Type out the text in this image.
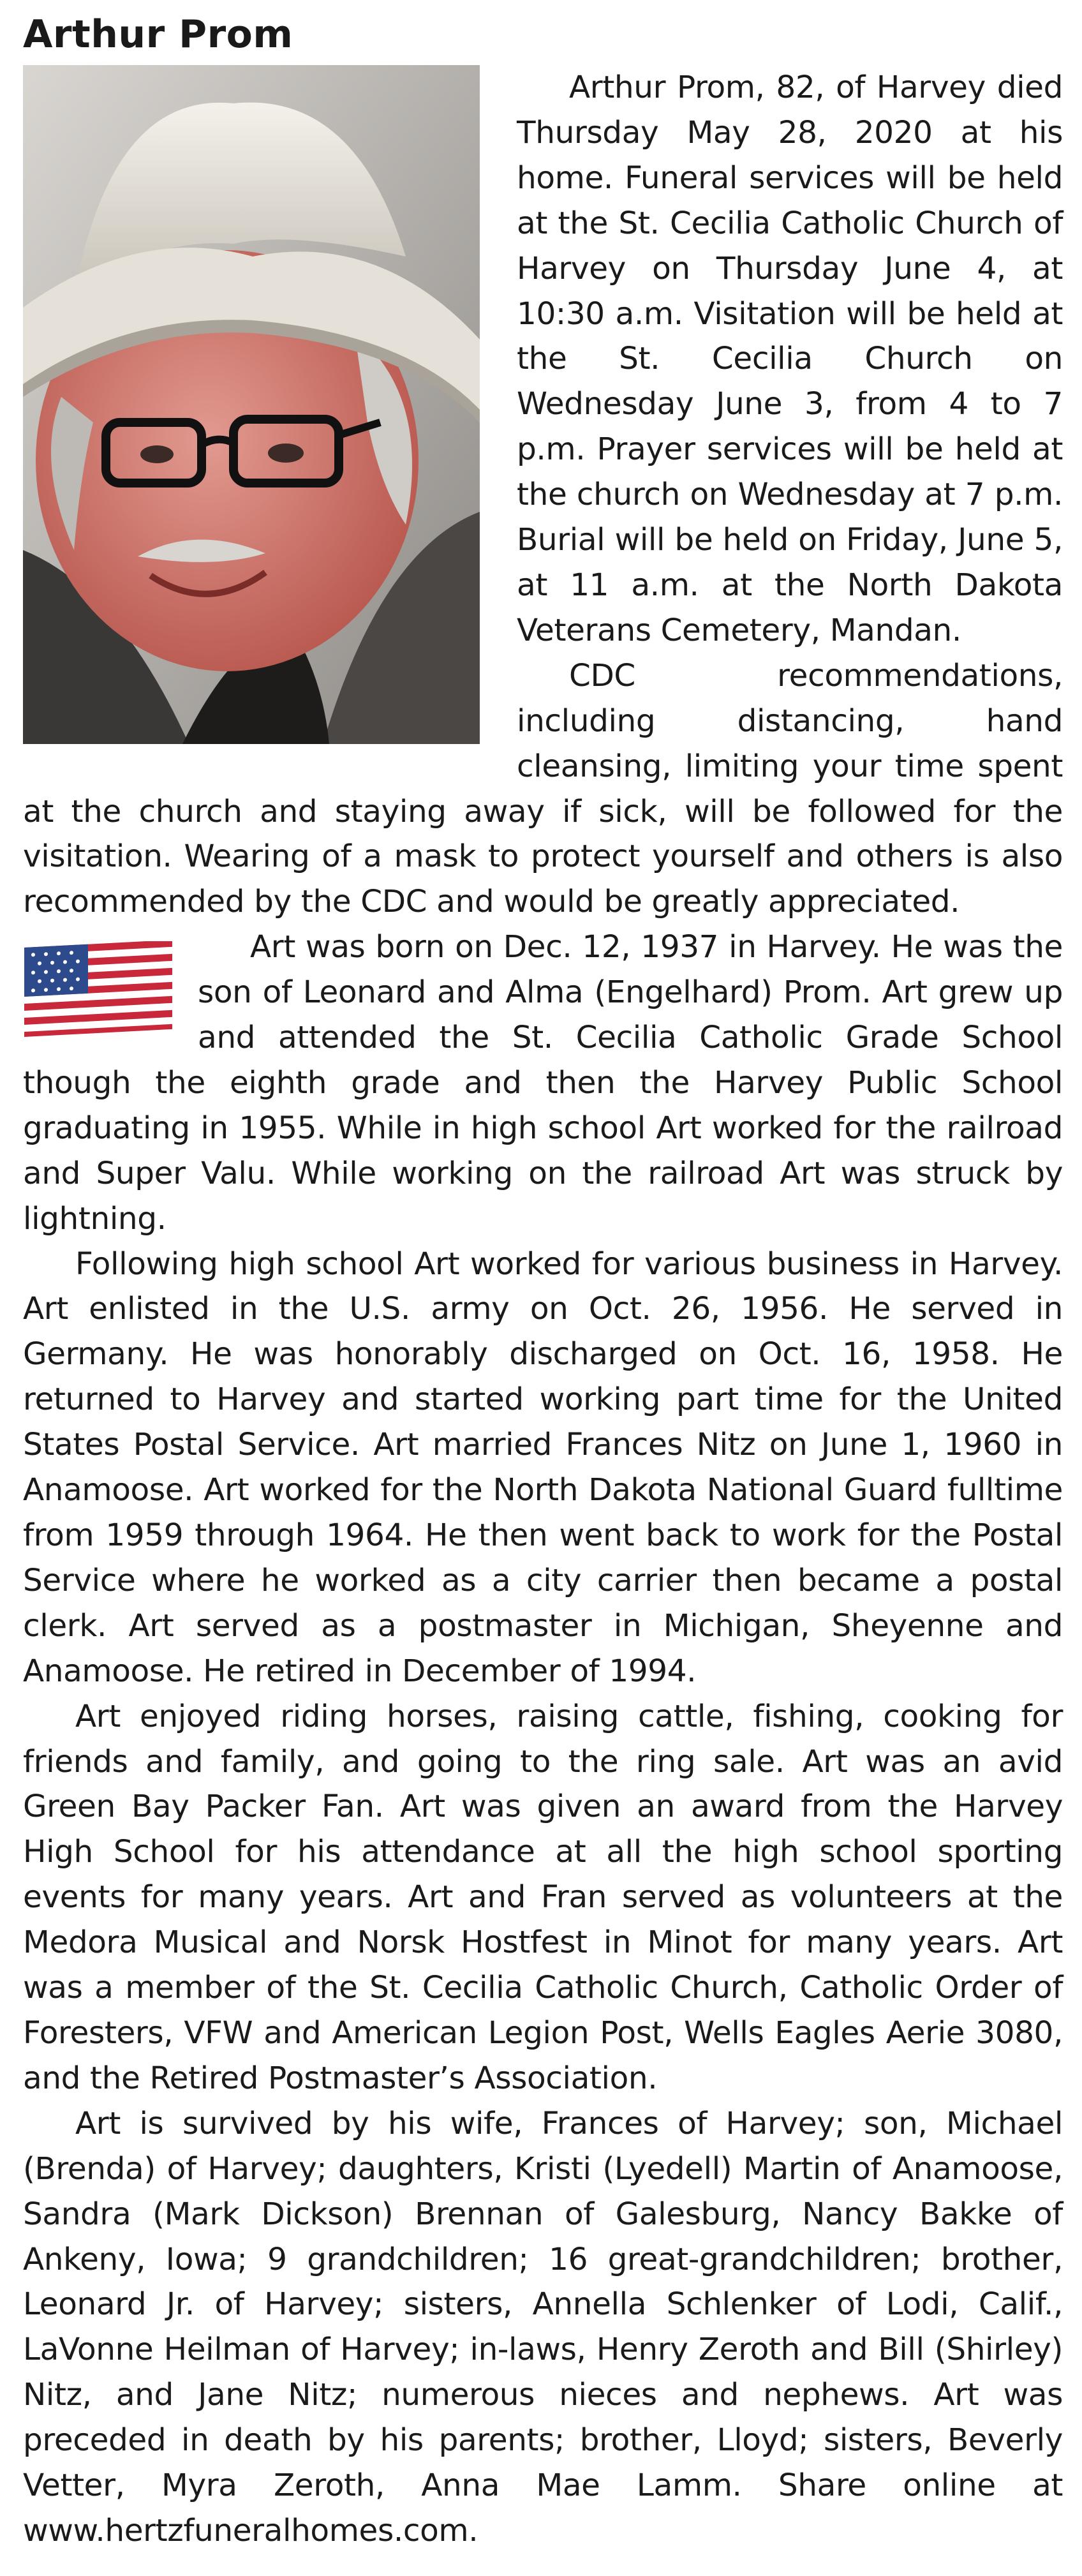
Arthur Prom

Arthur Prom, 82, of Harvey died Thursday May 28, 2020 at his home. Funeral services will be held at the St. Cecilia Catholic Church of Harvey on Thursday June 4, at 10:30 a.m. Visitation will be held at the St. Cecilia Church on Wednesday June 3, from 4 to 7 p.m. Prayer services will be held at the church on Wednesday at 7 p.m. Burial will be held on Friday, June 5, at 11 a.m. at the North Dakota Veterans Cemetery, Mandan.

CDC recommendations, including distancing, hand cleansing, limiting your time spent at the church and staying away if sick, will be followed for the visitation. Wearing of a mask to protect yourself and others is also recommended by the CDC and would be greatly appreciated.

Art was born on Dec. 12, 1937 in Harvey. He was the son of Leonard and Alma (Engelhard) Prom. Art grew up and attended the St. Cecilia Catholic Grade School though the eighth grade and then the Harvey Public School graduating in 1955. While in high school Art worked for the railroad and Super Valu. While working on the railroad Art was struck by lightning.

Following high school Art worked for various business in Harvey. Art enlisted in the U.S. army on Oct. 26, 1956. He served in Germany. He was honorably discharged on Oct. 16, 1958. He returned to Harvey and started working part time for the United States Postal Service. Art married Frances Nitz on June 1, 1960 in Anamoose. Art worked for the North Dakota National Guard fulltime from 1959 through 1964. He then went back to work for the Postal Service where he worked as a city carrier then became a postal clerk. Art served as a postmaster in Michigan, Sheyenne and Anamoose. He retired in December of 1994.

Art enjoyed riding horses, raising cattle, fishing, cooking for friends and family, and going to the ring sale. Art was an avid Green Bay Packer Fan. Art was given an award from the Harvey High School for his attendance at all the high school sporting events for many years. Art and Fran served as volunteers at the Medora Musical and Norsk Hostfest in Minot for many years. Art was a member of the St. Cecilia Catholic Church, Catholic Order of Foresters, VFW and American Legion Post, Wells Eagles Aerie 3080, and the Retired Postmaster’s Association.

Art is survived by his wife, Frances of Harvey; son, Michael (Brenda) of Harvey; daughters, Kristi (Lyedell) Martin of Anamoose, Sandra (Mark Dickson) Brennan of Galesburg, Nancy Bakke of Ankeny, Iowa; 9 grandchildren; 16 great-grandchildren; brother, Leonard Jr. of Harvey; sisters, Annella Schlenker of Lodi, Calif., LaVonne Heilman of Harvey; in-laws, Henry Zeroth and Bill (Shirley) Nitz, and Jane Nitz; numerous nieces and nephews. Art was preceded in death by his parents; brother, Lloyd; sisters, Beverly Vetter, Myra Zeroth, Anna Mae Lamm. Share online at www.hertzfuneralhomes.com.
